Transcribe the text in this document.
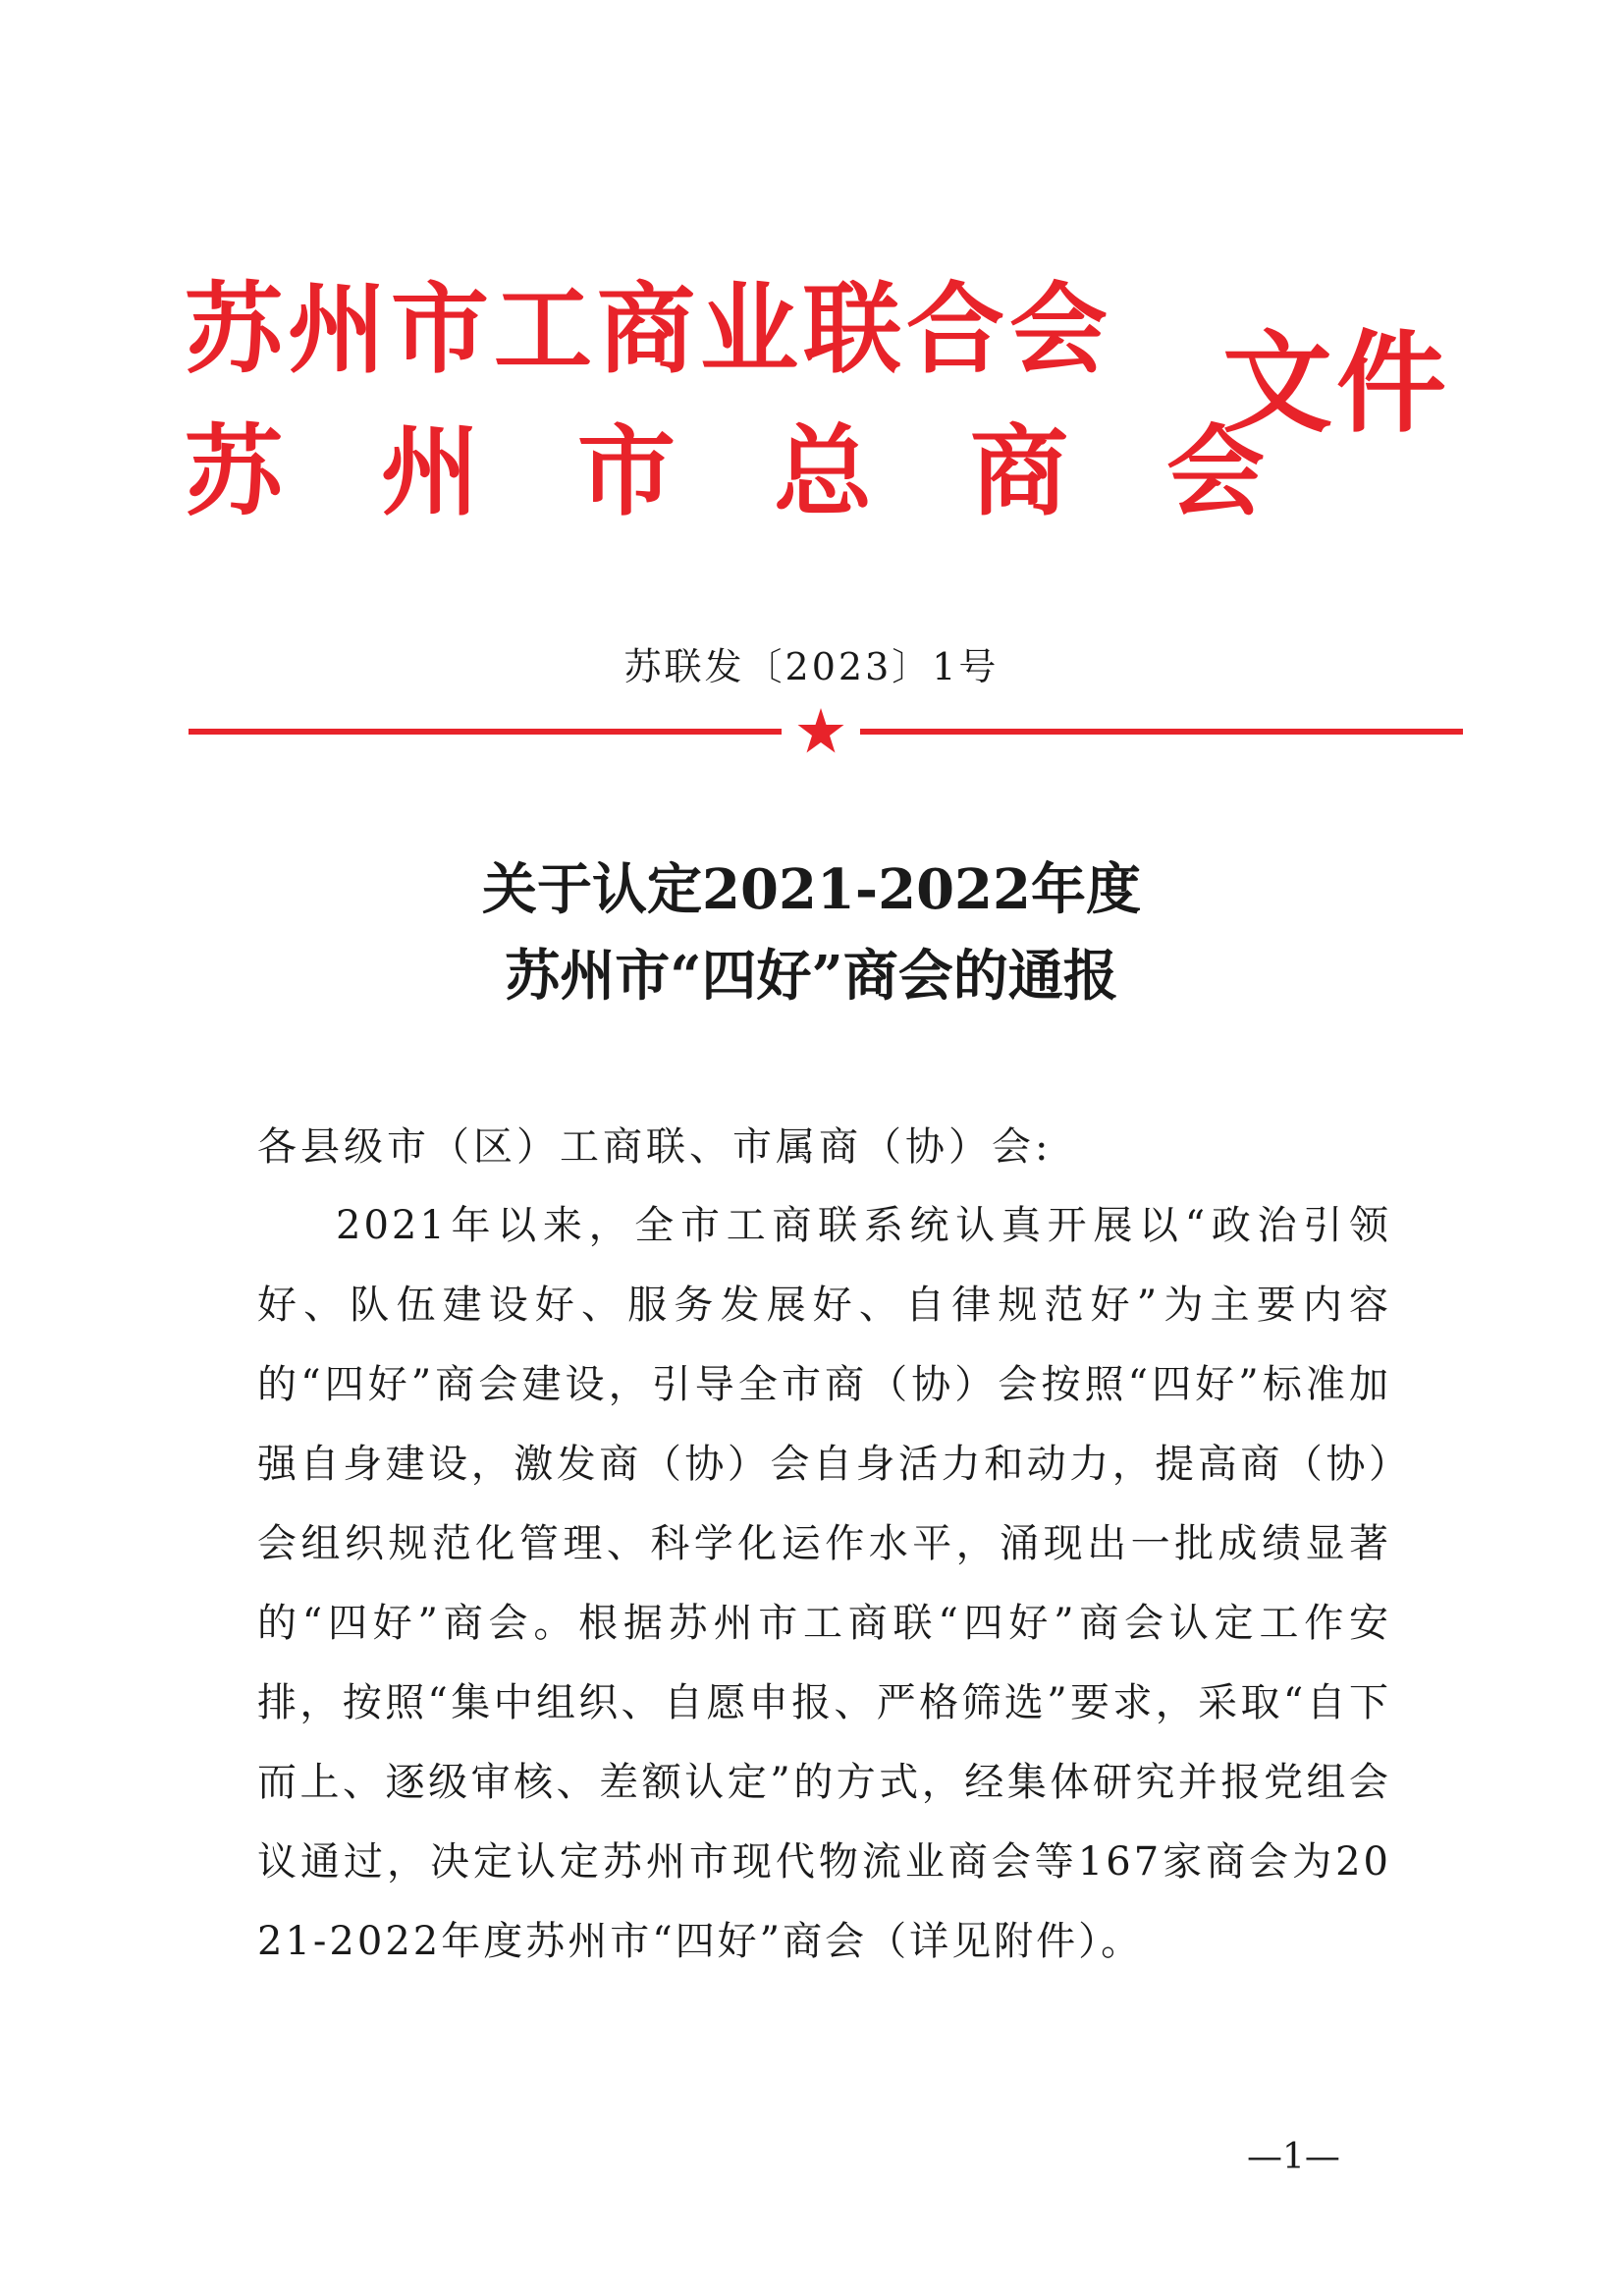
苏州市工商业联合会
苏州市总商会
文件
苏联发〔2023〕1号
关于认定2021-2022年度
苏州市“四好”商会的通报
各县级市（区）工商联、市属商（协）会:

2021年以来，全市工商联系统认真开展以“政治引领好、队伍建设好、服务发展好、自律规范好”为主要内容的“四好”商会建设，引导全市商（协）会按照“四好”标准加强自身建设，激发商（协）会自身活力和动力，提高商（协）会组织规范化管理、科学化运作水平，涌现出一批成绩显著的“四好”商会。根据苏州市工商联“四好”商会认定工作安排，按照“集中组织、自愿申报、严格筛选”要求，采取“自下而上、逐级审核、差额认定”的方式，经集体研究并报党组会议通过，决定认定苏州市现代物流业商会等167家商会为2021-2022年度苏州市“四好”商会（详见附件）。

—1—
